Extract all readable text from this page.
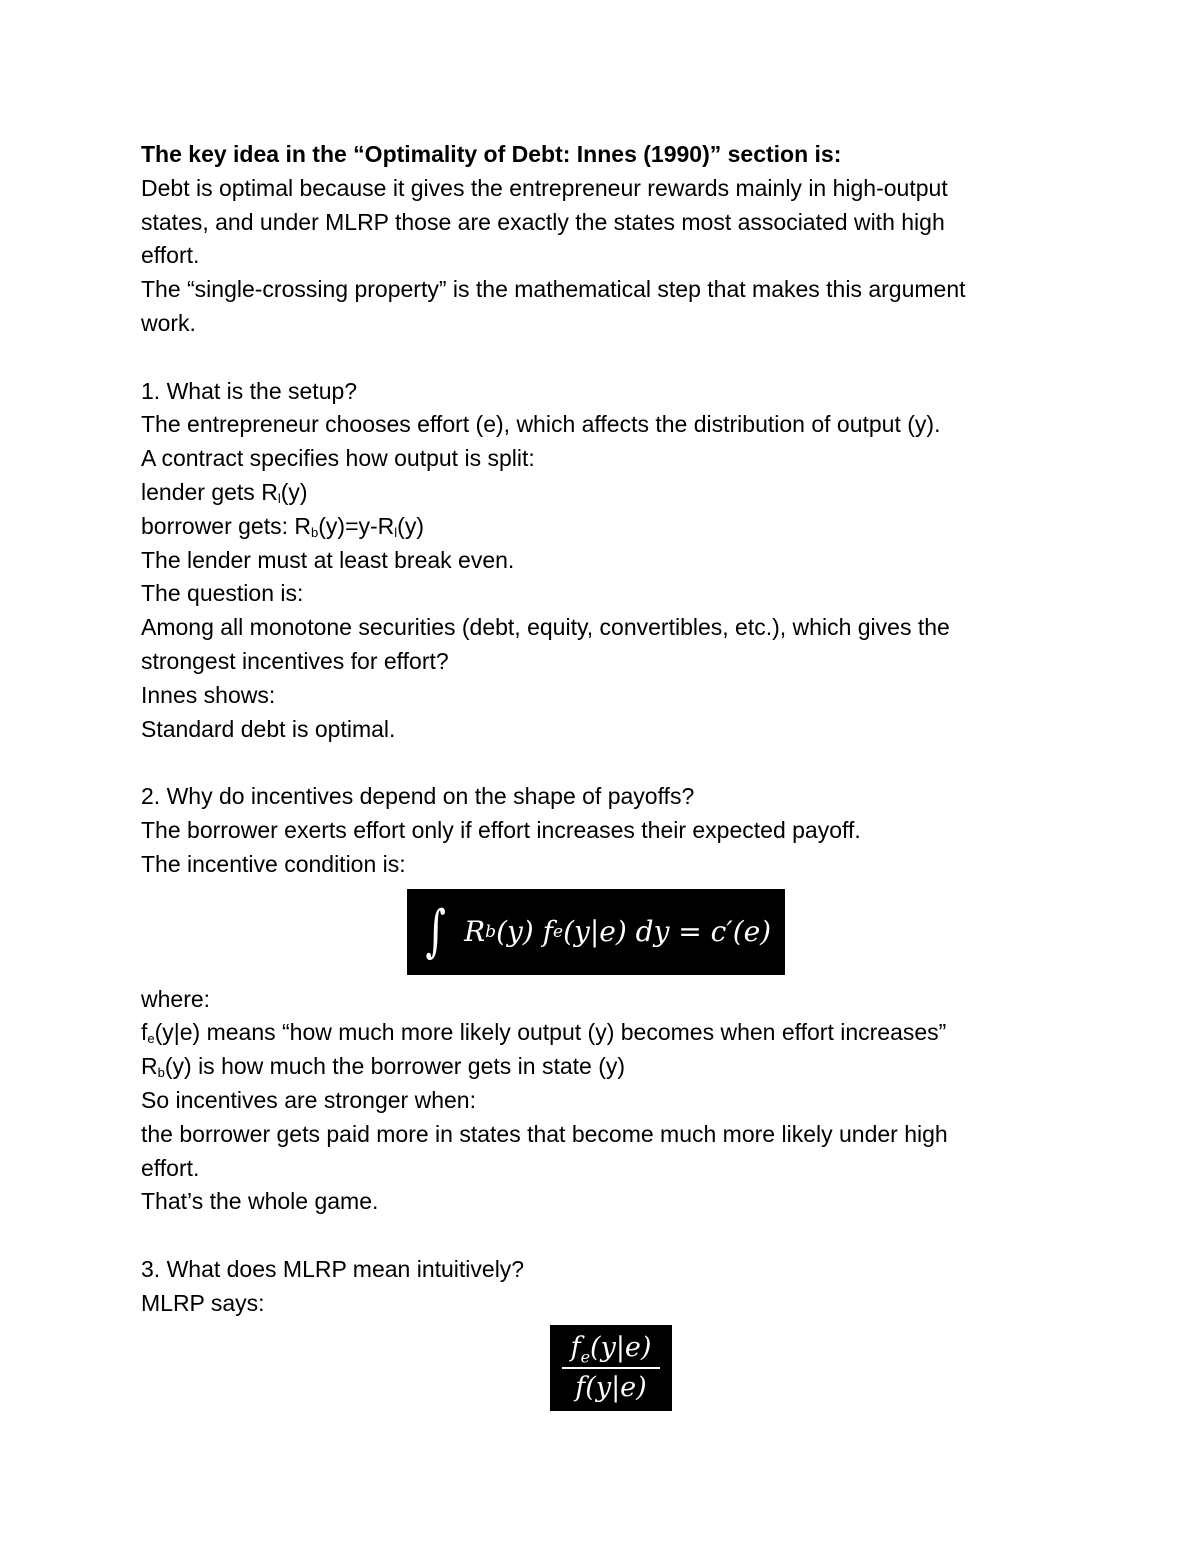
The key idea in the “Optimality of Debt: Innes (1990)” section is:
Debt is optimal because it gives the entrepreneur rewards mainly in high-output
states, and under MLRP those are exactly the states most associated with high
effort.
The “single-crossing property” is the mathematical step that makes this argument
work.
1. What is the setup?
The entrepreneur chooses effort (e), which affects the distribution of output (y).
A contract specifies how output is split:
lender gets $R_l(y)$
borrower gets: $R_b(y)=y-R_l(y)$
The lender must at least break even.
The question is:
Among all monotone securities (debt, equity, convertibles, etc.), which gives the
strongest incentives for effort?
Innes shows:
Standard debt is optimal.
2. Why do incentives depend on the shape of payoffs?
The borrower exerts effort only if effort increases their expected payoff.
The incentive condition is:
∫ R b (y)
f e (y|e) dy = c′(e)
where:
$f_e(y|e)$ means “how much more likely output (y) becomes when effort increases”
$R_b(y)$ is how much the borrower gets in state (y)
So incentives are stronger when:
the borrower gets paid more in states that become much more likely under high
effort.
That’s the whole game.
3. What does MLRP mean intuitively?
MLRP says:
$\frac{f_e(y|e)}{f(y|e)}$
